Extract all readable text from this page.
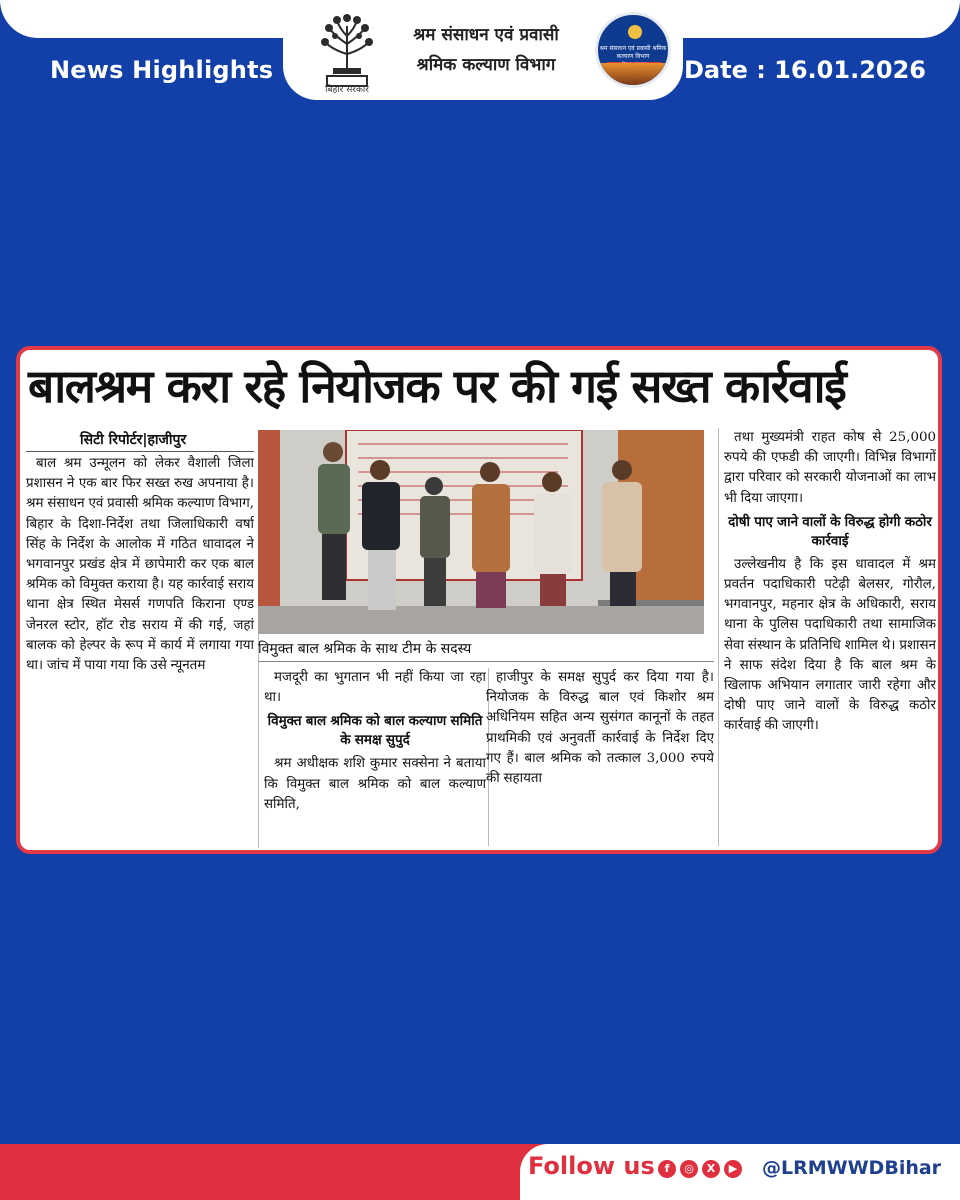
News Highlights	Date : 16.01.2026
बिहार सरकार
श्रम संसाधन एवं प्रवासी
श्रमिक कल्याण विभाग
श्रम संसाधन एवं प्रवासी श्रमिक कल्याण विभाग
बालश्रम करा रहे नियोजक पर की गई सख्त कार्रवाई
सिटी रिपोर्टर|हाजीपुर

बाल श्रम उन्मूलन को लेकर वैशाली जिला प्रशासन ने एक बार फिर सख्त रुख अपनाया है। श्रम संसाधन एवं प्रवासी श्रमिक कल्याण विभाग, बिहार के दिशा-निर्देश तथा जिलाधिकारी वर्षा सिंह के निर्देश के आलोक में गठित धावादल ने भगवानपुर प्रखंड क्षेत्र में छापेमारी कर एक बाल श्रमिक को विमुक्त कराया है। यह कार्रवाई सराय थाना क्षेत्र स्थित मेसर्स गणपति किराना एण्ड जेनरल स्टोर, हॉट रोड सराय में की गई, जहां बालक को हेल्पर के रूप में कार्य में लगाया गया था। जांच में पाया गया कि उसे न्यूनतम

विमुक्त बाल श्रमिक के साथ टीम के सदस्य

मजदूरी का भुगतान भी नहीं किया जा रहा था।

विमुक्त बाल श्रमिक को बाल कल्याण समिति के समक्ष सुपुर्द

श्रम अधीक्षक शशि कुमार सक्सेना ने बताया कि विमुक्त बाल श्रमिक को बाल कल्याण समिति,

हाजीपुर के समक्ष सुपुर्द कर दिया गया है। नियोजक के विरुद्ध बाल एवं किशोर श्रम अधिनियम सहित अन्य सुसंगत कानूनों के तहत प्राथमिकी एवं अनुवर्ती कार्रवाई के निर्देश दिए गए हैं। बाल श्रमिक को तत्काल 3,000 रुपये की सहायता

तथा मुख्यमंत्री राहत कोष से 25,000 रुपये की एफडी की जाएगी। विभिन्न विभागों द्वारा परिवार को सरकारी योजनाओं का लाभ भी दिया जाएगा।

दोषी पाए जाने वालों के विरुद्ध होगी कठोर कार्रवाई

उल्लेखनीय है कि इस धावादल में श्रम प्रवर्तन पदाधिकारी पटेढ़ी बेलसर, गोरौल, भगवानपुर, महनार क्षेत्र के अधिकारी, सराय थाना के पुलिस पदाधिकारी तथा सामाजिक सेवा संस्थान के प्रतिनिधि शामिल थे। प्रशासन ने साफ संदेश दिया है कि बाल श्रम के खिलाफ अभियान लगातार जारी रहेगा और दोषी पाए जाने वालों के विरुद्ध कठोर कार्रवाई की जाएगी।

Follow us f	◎	X	▶ @LRMWWDBihar
